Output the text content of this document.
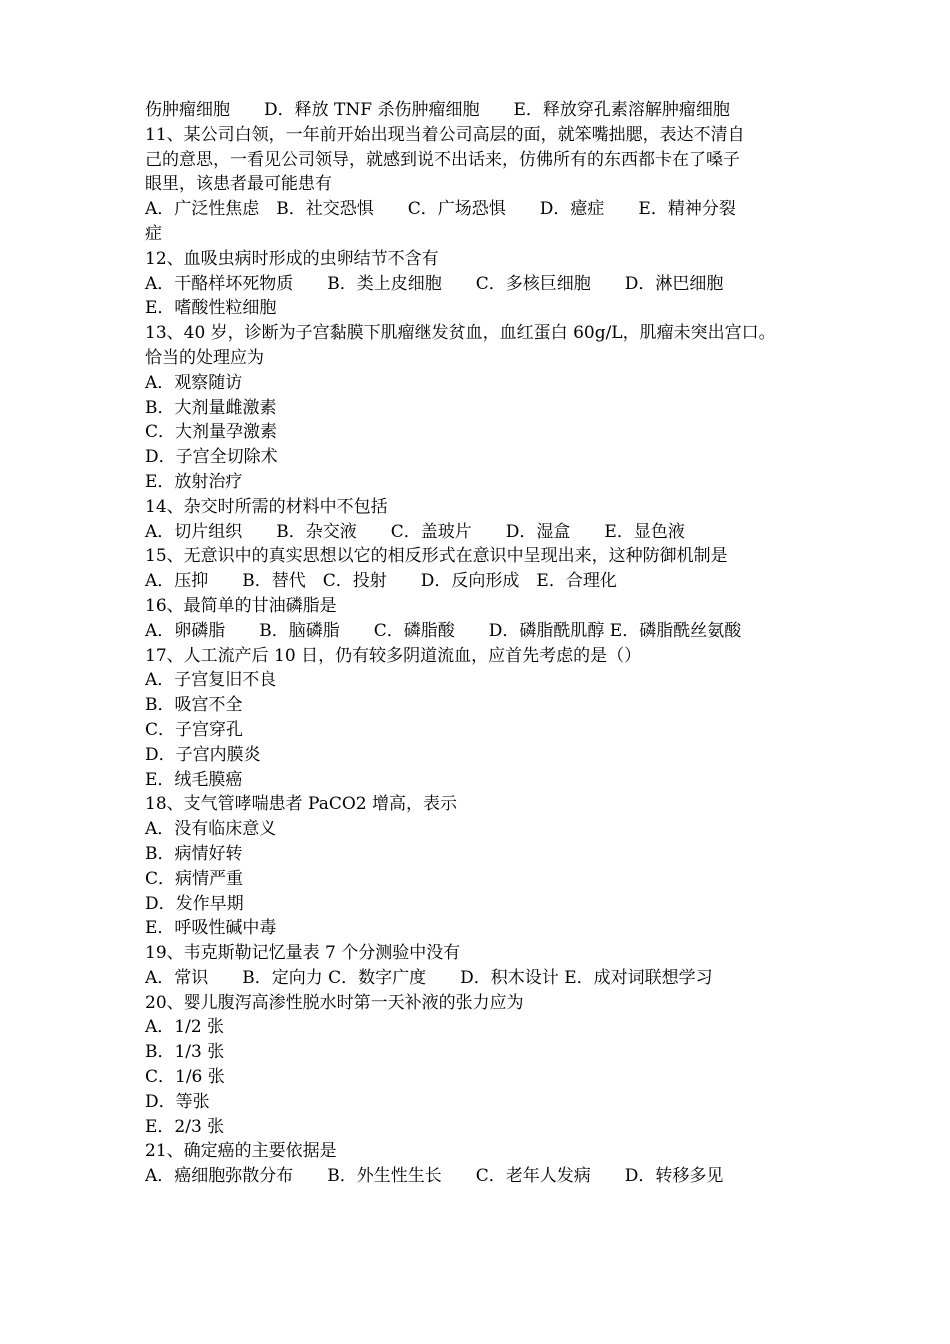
伤肿瘤细胞　　D．释放 TNF 杀伤肿瘤细胞　　E．释放穿孔素溶解肿瘤细胞

11、某公司白领，一年前开始出现当着公司高层的面，就笨嘴拙腮，表达不清自

己的意思，一看见公司领导，就感到说不出话来，仿佛所有的东西都卡在了嗓子

眼里，该患者最可能患有

A．广泛性焦虑　B．社交恐惧　　C．广场恐惧　　D．癔症　　E．精神分裂

症

12、血吸虫病时形成的虫卵结节不含有

A．干酪样坏死物质　　B．类上皮细胞　　C．多核巨细胞　　D．淋巴细胞

E．嗜酸性粒细胞

13、40 岁，诊断为子宫黏膜下肌瘤继发贫血，血红蛋白 60g/L，肌瘤未突出宫口。

恰当的处理应为

A．观察随访

B．大剂量雌激素

C．大剂量孕激素

D．子宫全切除术

E．放射治疗

14、杂交时所需的材料中不包括

A．切片组织　　B．杂交液　　C．盖玻片　　D．湿盒　　E．显色液

15、无意识中的真实思想以它的相反形式在意识中呈现出来，这种防御机制是

A．压抑　　B．替代　C．投射　　D．反向形成　E．合理化

16、最简单的甘油磷脂是

A．卵磷脂　　B．脑磷脂　　C．磷脂酸　　D．磷脂酰肌醇 E．磷脂酰丝氨酸

17、人工流产后 10 日，仍有较多阴道流血，应首先考虑的是（）

A．子宫复旧不良

B．吸宫不全

C．子宫穿孔

D．子宫内膜炎

E．绒毛膜癌

18、支气管哮喘患者 PaCO2 增高，表示

A．没有临床意义

B．病情好转

C．病情严重

D．发作早期

E．呼吸性碱中毒

19、韦克斯勒记忆量表 7 个分测验中没有

A．常识　　B．定向力 C．数字广度　　D．积木设计 E．成对词联想学习

20、婴儿腹泻高渗性脱水时第一天补液的张力应为

A．1/2 张

B．1/3 张

C．1/6 张

D．等张

E．2/3 张

21、确定癌的主要依据是

A．癌细胞弥散分布　　B．外生性生长　　C．老年人发病　　D．转移多见
